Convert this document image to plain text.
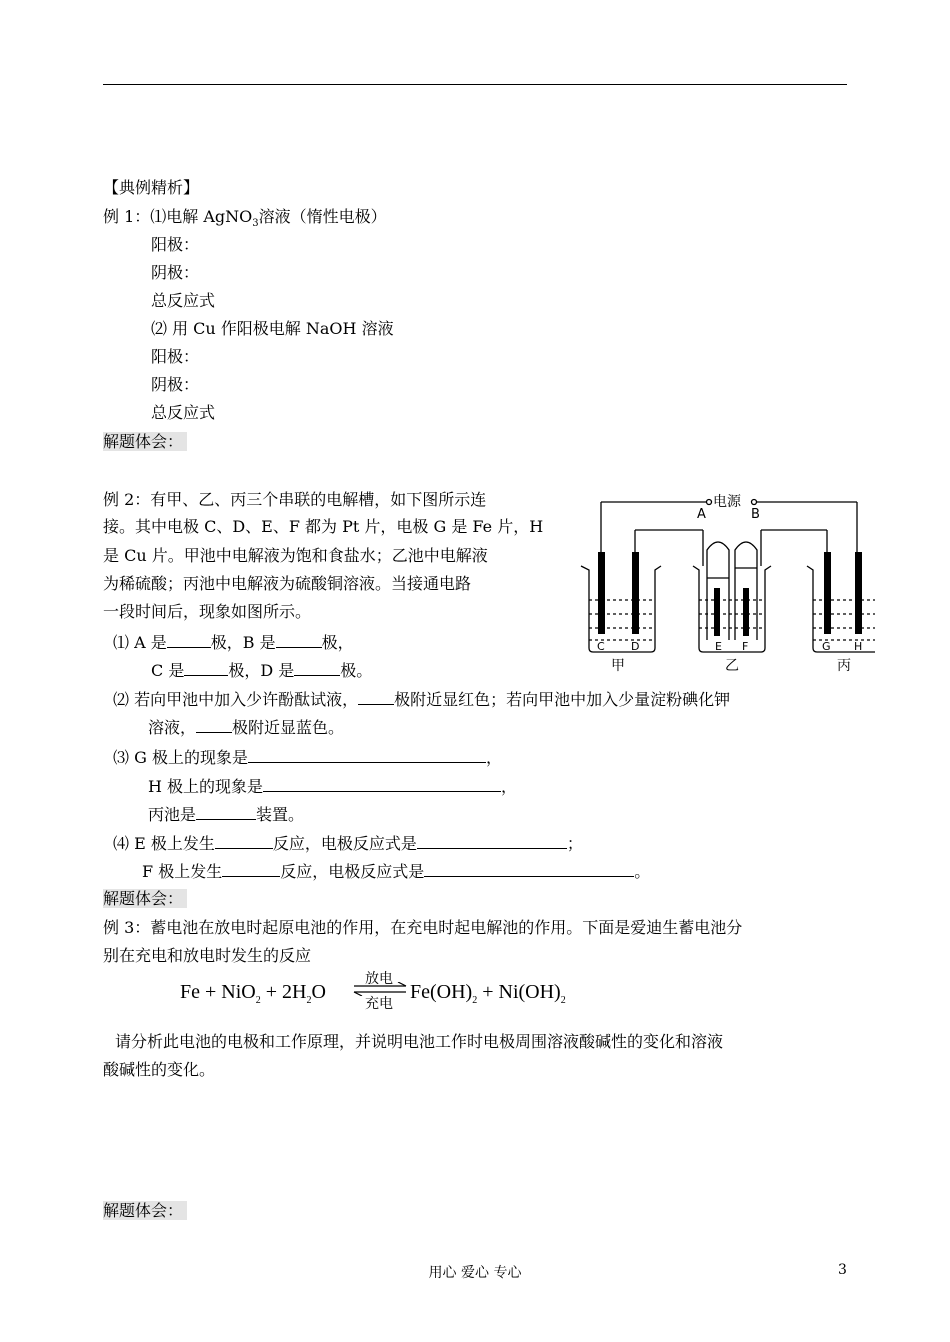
【典例精析】
例 1：⑴电解 AgNO$_3$溶液（惰性电极）
阳极：
阴极：
总反应式
⑵ 用 Cu 作阳极电解 NaOH 溶液
阳极：
阴极：
总反应式
解题体会：
例 2：有甲、乙、丙三个串联的电解槽，如下图所示连
接。其中电极 C、D、E、F 都为 Pt 片，电极 G 是 Fe 片，H
是 Cu 片。甲池中电解液为饱和食盐水；乙池中电解液
为稀硫酸；丙池中电解液为硫酸铜溶液。当接通电路
一段时间后，现象如图所示。
⑴ A 是	极，B 是	极，
C 是	极，D 是	极。
⑵ 若向甲池中加入少许酚酞试液， 极附近显红色；若向甲池中加入少量淀粉碘化钾
溶液， 极附近显蓝色。
⑶ G 极上的现象是	，
H 极上的现象是	，
丙池是	装置。
⑷ E 极上发生	反应，电极反应式是	；
F 极上发生	反应，电极反应式是	。
解题体会：
电源
A	B
C D	E F	G H
甲	乙	丙
例 3：蓄电池在放电时起原电池的作用，在充电时起电解池的作用。下面是爱迪生蓄电池分
别在充电和放电时发生的反应
$Fe + NiO_2 + 2H_2O$
放电
充电
$Fe(OH)_2 + Ni(OH)_2$
请分析此电池的电极和工作原理，并说明电池工作时电极周围溶液酸碱性的变化和溶液
酸碱性的变化。
解题体会：
用心 爱心 专心	3
